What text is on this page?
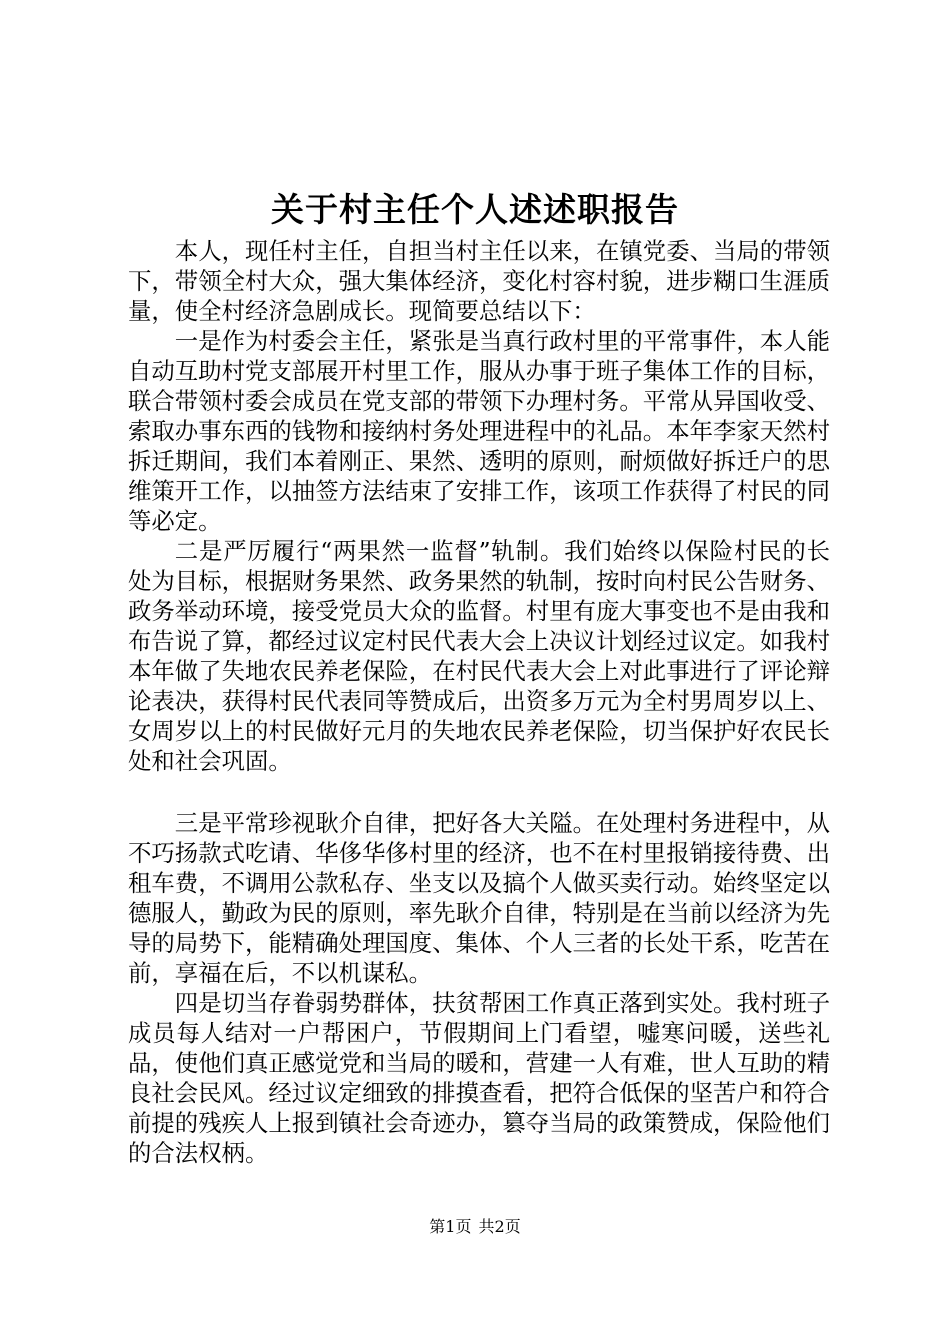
关于村主任个人述述职报告

本人，现任村主任，自担当村主任以来，在镇党委、当局的带领下，带领全村大众，强大集体经济，变化村容村貌，进步糊口生涯质量，使全村经济急剧成长。现简要总结以下：

一是作为村委会主任，紧张是当真行政村里的平常事件，本人能自动互助村党支部展开村里工作，服从办事于班子集体工作的目标，联合带领村委会成员在党支部的带领下办理村务。平常从异国收受、索取办事东西的钱物和接纳村务处理进程中的礼品。本年李家天然村拆迁期间，我们本着刚正、果然、透明的原则，耐烦做好拆迁户的思维策开工作，以抽签方法结束了安排工作，该项工作获得了村民的同等必定。

二是严厉履行“两果然一监督”轨制。我们始终以保险村民的长处为目标，根据财务果然、政务果然的轨制，按时向村民公告财务、政务举动环境，接受党员大众的监督。村里有庞大事变也不是由我和布告说了算，都经过议定村民代表大会上决议计划经过议定。如我村本年做了失地农民养老保险，在村民代表大会上对此事进行了评论辩论表决，获得村民代表同等赞成后，出资多万元为全村男周岁以上、女周岁以上的村民做好元月的失地农民养老保险，切当保护好农民长处和社会巩固。

三是平常珍视耿介自律，把好各大关隘。在处理村务进程中，从不巧扬款式吃请、华侈华侈村里的经济，也不在村里报销接待费、出租车费，不调用公款私存、坐支以及搞个人做买卖行动。始终坚定以德服人，勤政为民的原则，率先耿介自律，特别是在当前以经济为先导的局势下，能精确处理国度、集体、个人三者的长处干系，吃苦在前，享福在后，不以机谋私。

四是切当存眷弱势群体，扶贫帮困工作真正落到实处。我村班子成员每人结对一户帮困户，节假期间上门看望，嘘寒问暖，送些礼品，使他们真正感觉党和当局的暖和，营建一人有难，世人互助的精良社会民风。经过议定细致的排摸查看，把符合低保的坚苦户和符合前提的残疾人上报到镇社会奇迹办，篡夺当局的政策赞成，保险他们的合法权柄。

第1页 共2页
